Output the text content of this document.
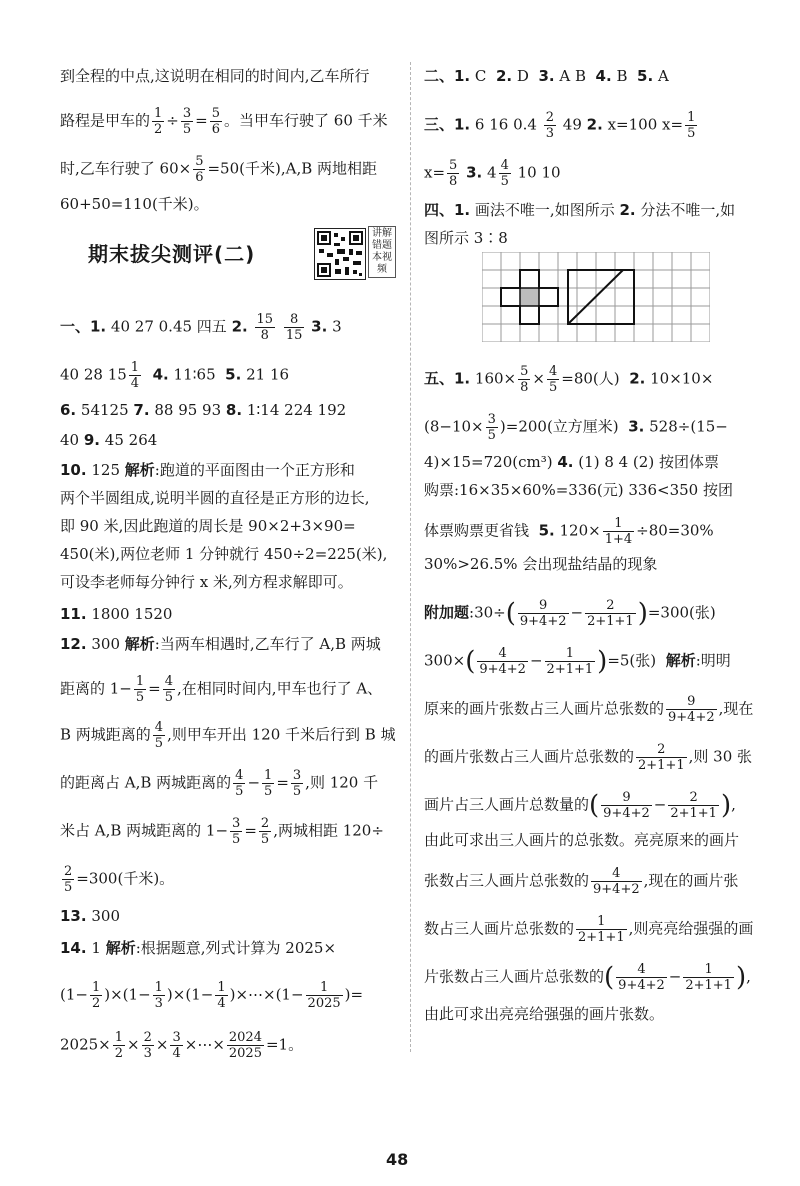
到全程的中点,这说明在相同的时间内,乙车所行
路程是甲车的 $\frac{1}{2} \div \frac{3}{5} = \frac{5}{6}$ 。当甲车行驶了 60 千米
时,乙车行驶了 $60\times \frac{5}{6} =50$(千米),A,B 两地相距
60+50=110(千米)。
期末拔尖测评(二)
讲解错题本视频
一、1. 40 27 0.45 四五 2. $\frac{15}{8}$
$\frac{8}{15} 3$. 3
40 28 $15 \frac{1}{4} 4$. 11∶65 5. 21 16
6. 54125 7. 88 95 93 8. 1∶14 224 192
40 9. 45 264
10. 125 解析:跑道的平面图由一个正方形和
两个半圆组成,说明半圆的直径是正方形的边长,
即 90 米,因此跑道的周长是 90×2+3×90=
450(米),两位老师 1 分钟就行 450÷2=225(米),
可设李老师每分钟行 x 米,列方程求解即可。
11. 1800 1520
12. 300 解析:当两车相遇时,乙车行了 A,B 两城
距离的 $1- \frac{1}{5} = \frac{4}{5}$ ,在相同时间内,甲车也行了 A、
B 两城距离的 $\frac{4}{5}$ ,则甲车开出 120 千米后行到 B 城
的距离占 A,B 两城距离的 $\frac{4}{5} - \frac{1}{5} = \frac{3}{5}$ ,则 120 千
米占 A,B 两城距离的 $1- \frac{3}{5} = \frac{2}{5}$ ,两城相距 120÷
$\frac{2}{5} =300$(千米)。
13. 300
14. 1 解析:根据题意,列式计算为 2025×
$(1- \frac{1}{2} )\times(1- \frac{1}{3} )\times(1- \frac{1}{4}$ )×⋯×(1− $\frac{1}{2025}$ )=
$2025\times \frac{1}{2} \times \frac{2}{3} \times \frac{3}{4}$ ×⋯× $\frac{2024}{2025} =1$。
二、1. C 2. D 3. A B 4. B 5. A
三、1. 6 16 $0.4 \frac{2}{3} 49$ 2. x=100 $x= \frac{1}{5}$
$x= \frac{5}{8} 3$. $4 \frac{4}{5} 10$ 10
四、1. 画法不唯一,如图所示 2. 分法不唯一,如
图所示 3∶8
五、1. $160\times \frac{5}{8} \times \frac{4}{5} =80$(人) 2. 10×10×
$(8-10\times \frac{3}{5} )=200$(立方厘米) 3. 528÷(15−
4)×15=720(cm³) 4. (1) 8 4 (2) 按团体票
购票:16×35×60%=336(元) 336<350 按团
体票购票更省钱 5. $120\times \frac{1}{1+4} \div 80=30\%$
30%>26.5% 会出现盐结晶的现象
附加题:30÷( $\frac{9}{9+4+2} - \frac{2}{2+1+1} )=300$(张)
$300\times( \frac{4}{9+4+2} - \frac{1}{2+1+1} )=5$(张) 解析:明明
原来的画片张数占三人画片总张数的 $\frac{9}{9+4+2}$ ,现在
的画片张数占三人画片总张数的 $\frac{2}{2+1+1}$ ,则 30 张
画片占三人画片总数量的( $\frac{9}{9+4+2} - \frac{2}{2+1+1}$ ),
由此可求出三人画片的总张数。亮亮原来的画片
张数占三人画片总张数的 $\frac{4}{9+4+2}$ ,现在的画片张
数占三人画片总张数的 $\frac{1}{2+1+1}$ ,则亮亮给强强的画
片张数占三人画片总张数的( $\frac{4}{9+4+2} - \frac{1}{2+1+1}$ ),
由此可求出亮亮给强强的画片张数。
48
